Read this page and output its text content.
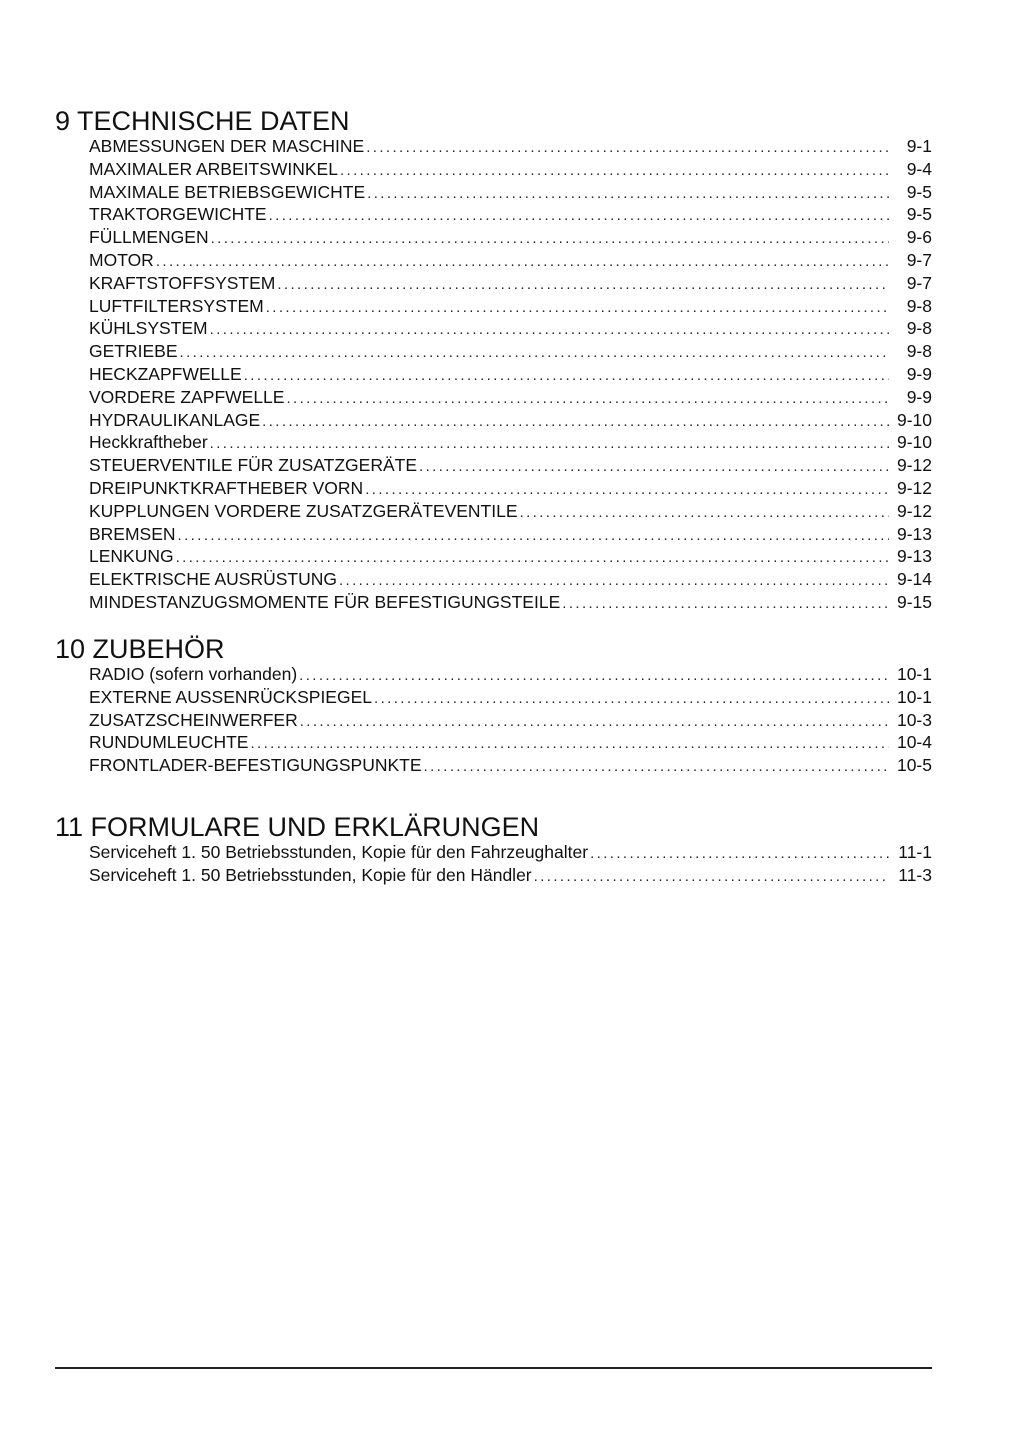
9 TECHNISCHE DATEN
ABMESSUNGEN DER MASCHINE .....	9-1
MAXIMALER ARBEITSWINKEL .....	9-4
MAXIMALE BETRIEBSGEWICHTE .....	9-5
TRAKTORGEWICHTE .....	9-5
FÜLLMENGEN .....	9-6
MOTOR .....	9-7
KRAFTSTOFFSYSTEM .....	9-7
LUFTFILTERSYSTEM .....	9-8
KÜHLSYSTEM .....	9-8
GETRIEBE .....	9-8
HECKZAPFWELLE .....	9-9
VORDERE ZAPFWELLE .....	9-9
HYDRAULIKANLAGE .....	9-10
Heckkraftheber .....	9-10
STEUERVENTILE FÜR ZUSATZGERÄTE .....	9-12
DREIPUNKTKRAFTHEBER VORN .....	9-12
KUPPLUNGEN VORDERE ZUSATZGERÄTEVENTILE .....	9-12
BREMSEN .....	9-13
LENKUNG .....	9-13
ELEKTRISCHE AUSRÜSTUNG .....	9-14
MINDESTANZUGSMOMENTE FÜR BEFESTIGUNGSTEILE .....	9-15
10 ZUBEHÖR
RADIO (sofern vorhanden) .....	10-1
EXTERNE AUSSENRÜCKSPIEGEL .....	10-1
ZUSATZSCHEINWERFER .....	10-3
RUNDUMLEUCHTE .....	10-4
FRONTLADER-BEFESTIGUNGSPUNKTE .....	10-5
11 FORMULARE UND ERKLÄRUNGEN
Serviceheft 1. 50 Betriebsstunden, Kopie für den Fahrzeughalter .....	11-1
Serviceheft 1. 50 Betriebsstunden, Kopie für den Händler .....	11-3
